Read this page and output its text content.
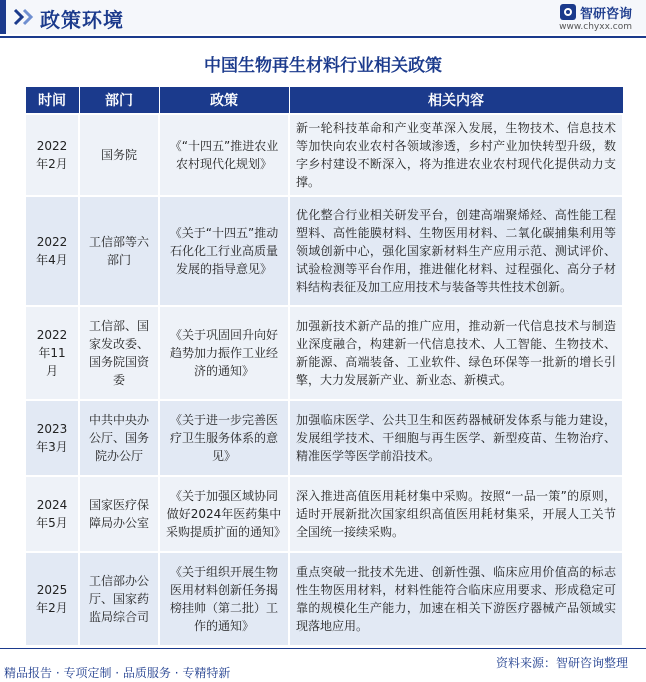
政策环境	智研咨询
www.chyxx.com
中国生物再生材料行业相关政策
时间	部门	政策	相关内容
2022
年2月	国务院	《“十四五”推进农业农村现代化规划》	新一轮科技革命和产业变革深入发展，生物技术、信息技术等加快向农业农村各领域渗透，乡村产业加快转型升级，数字乡村建设不断深入，将为推进农业农村现代化提供动力支撑。
2022
年4月	工信部等六部门	《关于“十四五”推动石化化工行业高质量发展的指导意见》	优化整合行业相关研发平台，创建高端聚烯烃、高性能工程塑料、高性能膜材料、生物医用材料、二氧化碳捕集利用等领域创新中心，强化国家新材料生产应用示范、测试评价、试验检测等平台作用，推进催化材料、过程强化、高分子材料结构表征及加工应用技术与装备等共性技术创新。
2022
年11
月	工信部、国家发改委、国务院国资委	《关于巩固回升向好趋势加力振作工业经济的通知》	加强新技术新产品的推广应用，推动新一代信息技术与制造业深度融合，构建新一代信息技术、人工智能、生物技术、新能源、高端装备、工业软件、绿色环保等一批新的增长引擎，大力发展新产业、新业态、新模式。
2023
年3月	中共中央办公厅、国务院办公厅	《关于进一步完善医疗卫生服务体系的意见》	加强临床医学、公共卫生和医药器械研发体系与能力建设，发展组学技术、干细胞与再生医学、新型疫苗、生物治疗、精准医学等医学前沿技术。
2024
年5月	国家医疗保障局办公室	《关于加强区域协同做好2024年医药集中采购提质扩面的通知》	深入推进高值医用耗材集中采购。按照“一品一策”的原则，适时开展新批次国家组织高值医用耗材集采，开展人工关节全国统一接续采购。
2025
年2月	工信部办公厅、国家药监局综合司	《关于组织开展生物医用材料创新任务揭榜挂帅（第二批）工作的通知》	重点突破一批技术先进、创新性强、临床应用价值高的标志性生物医用材料，材料性能符合临床应用要求、形成稳定可靠的规模化生产能力，加速在相关下游医疗器械产品领域实现落地应用。
资料来源：智研咨询整理
精品报告 · 专项定制 · 品质服务 · 专精特新
